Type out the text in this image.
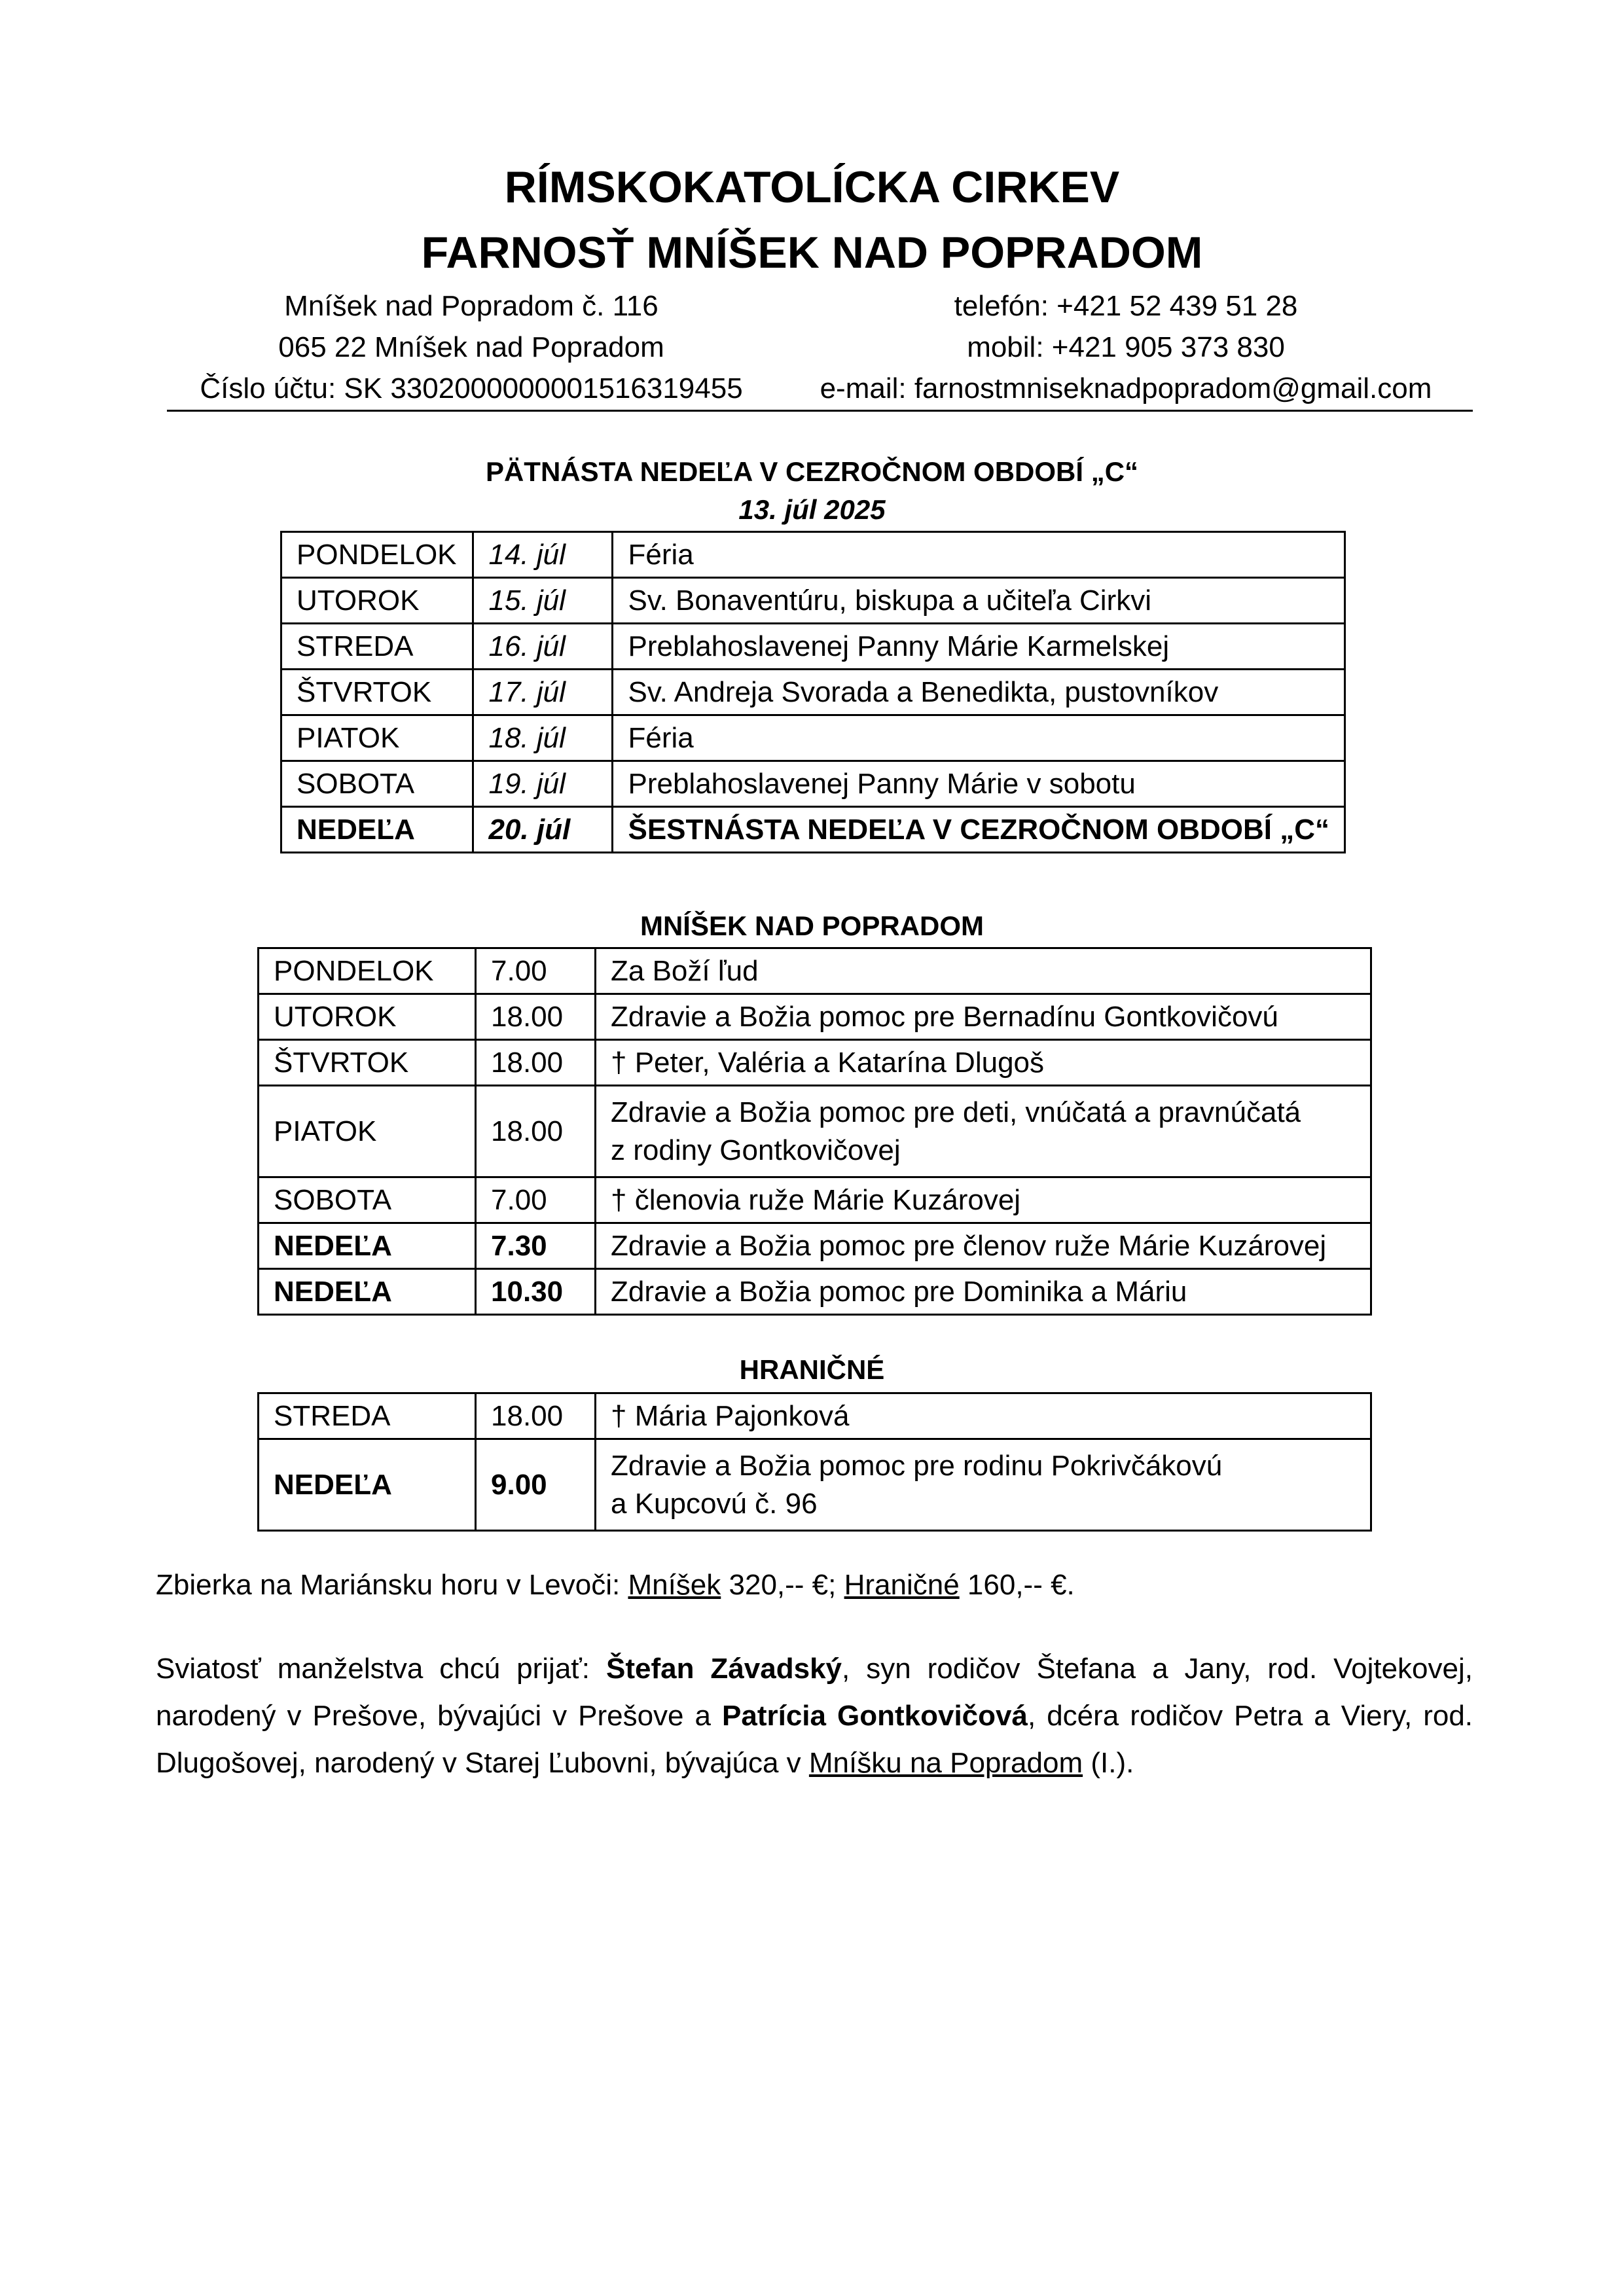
RÍMSKOKATOLÍCKA CIRKEV
FARNOSŤ MNÍŠEK NAD POPRADOM
Mníšek nad Popradom č. 116
065 22 Mníšek nad Popradom
Číslo účtu: SK 3302000000001516319455
telefón: +421 52 439 51 28
mobil: +421 905 373 830
e-mail: farnostmniseknadpopradom@gmail.com
PÄTNÁSTA NEDEĽA V CEZROČNOM OBDOBÍ „C“
13. júl 2025
PONDELOK	14. júl	Féria
UTOROK	15. júl	Sv. Bonaventúru, biskupa a učiteľa Cirkvi
STREDA	16. júl	Preblahoslavenej Panny Márie Karmelskej
ŠTVRTOK	17. júl	Sv. Andreja Svorada a Benedikta, pustovníkov
PIATOK	18. júl	Féria
SOBOTA	19. júl	Preblahoslavenej Panny Márie v sobotu
NEDEĽA	20. júl	ŠESTNÁSTA NEDEĽA V CEZROČNOM OBDOBÍ „C“
MNÍŠEK NAD POPRADOM
PONDELOK	7.00	Za Boží ľud
UTOROK	18.00	Zdravie a Božia pomoc pre Bernadínu Gontkovičovú
ŠTVRTOK	18.00	† Peter, Valéria a Katarína Dlugoš
PIATOK	18.00	Zdravie a Božia pomoc pre deti, vnúčatá a pravnúčatá
z rodiny Gontkovičovej

SOBOTA	7.00	† členovia ruže Márie Kuzárovej
NEDEĽA	7.30	Zdravie a Božia pomoc pre členov ruže Márie Kuzárovej
NEDEĽA	10.30	Zdravie a Božia pomoc pre Dominika a Máriu
HRANIČNÉ
STREDA	18.00	† Mária Pajonková
NEDEĽA	9.00	Zdravie a Božia pomoc pre rodinu Pokrivčákovú
a Kupcovú č. 96

Zbierka na Mariánsku horu v Levoči: Mníšek 320,-- €; Hraničné 160,-- €.

Sviatosť manželstva chcú prijať: Štefan Závadský, syn rodičov Štefana a Jany, rod. Vojtekovej, narodený v Prešove, bývajúci v Prešove a Patrícia Gontkovičová, dcéra rodičov Petra a Viery, rod. Dlugošovej, narodený v Starej Ľubovni, bývajúca v Mníšku na Popradom (I.).
